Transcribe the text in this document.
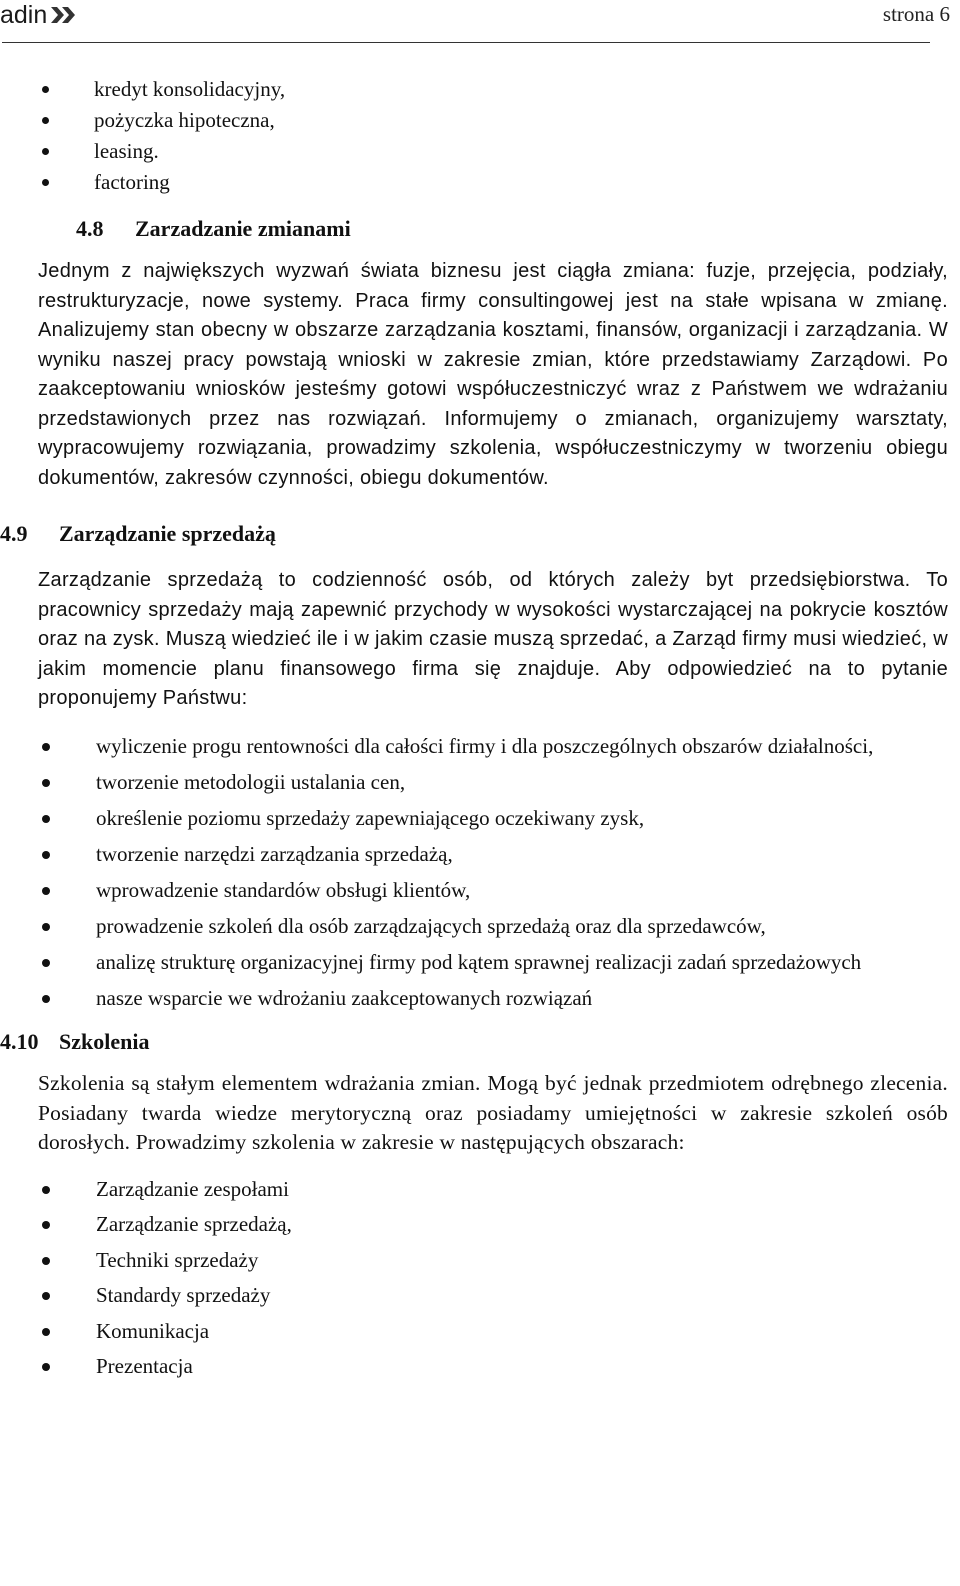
adin	strona 6
kredyt konsolidacyjny,
pożyczka hipoteczna,
leasing.
factoring
4.8 Zarzadzanie zmianami

Jednym z największych wyzwań świata biznesu jest ciągła zmiana: fuzje, przejęcia, podziały, restrukturyzacje, nowe systemy. Praca firmy consultingowej jest na stałe wpisana w zmianę. Analizujemy stan obecny w obszarze zarządzania kosztami, finansów, organizacji i zarządzania. W wyniku naszej pracy powstają wnioski w zakresie zmian, które przedstawiamy Zarządowi. Po zaakceptowaniu wniosków jesteśmy gotowi współuczestniczyć wraz z Państwem we wdrażaniu przedstawionych przez nas rozwiązań. Informujemy o zmianach, organizujemy warsztaty, wypracowujemy rozwiązania, prowadzimy szkolenia, współuczestniczymy w tworzeniu obiegu dokumentów, zakresów czynności, obiegu dokumentów.

4.9 Zarządzanie sprzedażą

Zarządzanie sprzedażą to codzienność osób, od których zależy byt przedsiębiorstwa. To pracownicy sprzedaży mają zapewnić przychody w wysokości wystarczającej na pokrycie kosztów oraz na zysk. Muszą wiedzieć ile i w jakim czasie muszą sprzedać, a Zarząd firmy musi wiedzieć, w jakim momencie planu finansowego firma się znajduje. Aby odpowiedzieć na to pytanie proponujemy Państwu:

wyliczenie progu rentowności dla całości firmy i dla poszczególnych obszarów działalności,
tworzenie metodologii ustalania cen,
określenie poziomu sprzedaży zapewniającego oczekiwany zysk,
tworzenie narzędzi zarządzania sprzedażą,
wprowadzenie standardów obsługi klientów,
prowadzenie szkoleń dla osób zarządzających sprzedażą oraz dla sprzedawców,
analizę strukturę organizacyjnej firmy pod kątem sprawnej realizacji zadań sprzedażowych
nasze wsparcie we wdrożaniu zaakceptowanych rozwiązań
4.10 Szkolenia

Szkolenia są stałym elementem wdrażania zmian. Mogą być jednak przedmiotem odrębnego zlecenia. Posiadany twarda wiedze merytoryczną oraz posiadamy umiejętności w zakresie szkoleń osób dorosłych. Prowadzimy szkolenia w zakresie w następujących obszarach:

Zarządzanie zespołami
Zarządzanie sprzedażą,
Techniki sprzedaży
Standardy sprzedaży
Komunikacja
Prezentacja
